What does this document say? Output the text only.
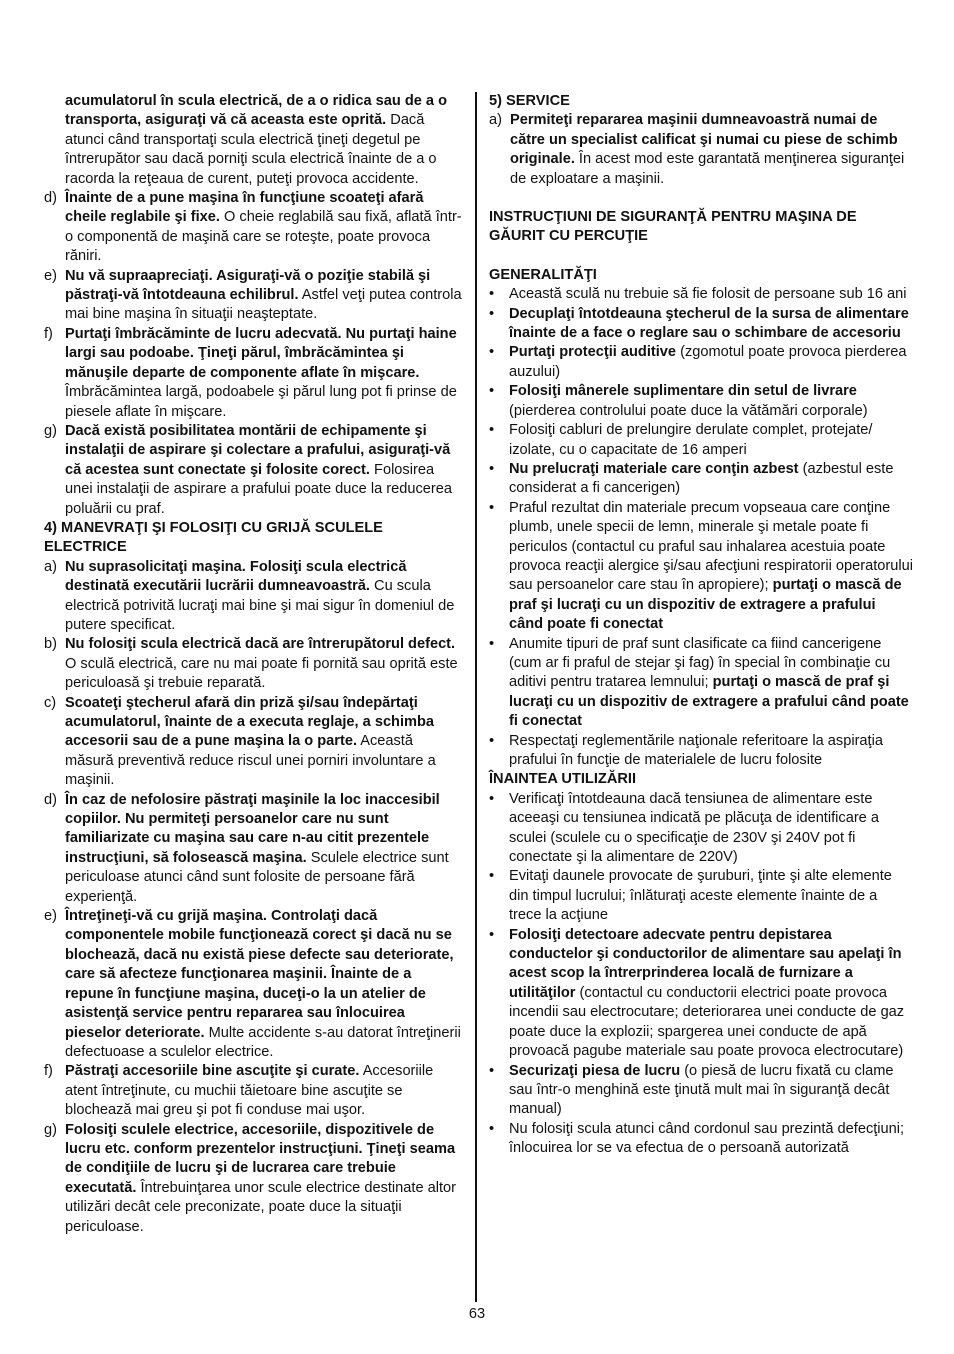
acumulatorul în scula electrică, de a o ridica sau de a o transporta, asiguraţi vă că aceasta este oprită. Dacă atunci când transportaţi scula electrică ţineţi degetul pe întrerupător sau dacă porniţi scula electrică înainte de a o racorda la reţeaua de curent, puteţi provoca accidente.
d) Înainte de a pune maşina în funcţiune scoateţi afară cheile reglabile şi fixe. O cheie reglabilă sau fixă, aflată într-o componentă de maşină care se roteşte, poate provoca răniri.
e) Nu vă supraapreciaţi. Asiguraţi-vă o poziţie stabilă şi păstraţi-vă întotdeauna echilibrul. Astfel veţi putea controla mai bine maşina în situaţii neaşteptate.
f) Purtaţi îmbrăcăminte de lucru adecvată. Nu purtaţi haine largi sau podoabe. Ţineţi părul, îmbrăcămintea şi mănuşile departe de componente aflate în mişcare. Îmbrăcămintea largă, podoabele şi părul lung pot fi prinse de piesele aflate în mişcare.
g) Dacă există posibilitatea montării de echipamente şi instalaţii de aspirare şi colectare a prafului, asiguraţi-vă că acestea sunt conectate şi folosite corect. Folosirea unei instalaţii de aspirare a prafului poate duce la reducerea poluării cu praf.
4) MANEVRAŢI ŞI FOLOSIŢI CU GRIJĂ SCULELE ELECTRICE
a) Nu suprasolicitaţi maşina. Folosiţi scula electrică destinată executării lucrării dumneavoastră. Cu scula electrică potrivită lucraţi mai bine şi mai sigur în domeniul de putere specificat.
b) Nu folosiţi scula electrică dacă are întrerupătorul defect. O sculă electrică, care nu mai poate fi pornită sau oprită este periculoasă şi trebuie reparată.
c) Scoateţi ştecherul afară din priză şi/sau îndepărtaţi acumulatorul, înainte de a executa reglaje, a schimba accesorii sau de a pune maşina la o parte. Această măsură preventivă reduce riscul unei porniri involuntare a maşinii.
d) În caz de nefolosire păstraţi maşinile la loc inaccesibil copiilor. Nu permiteţi persoanelor care nu sunt familiarizate cu maşina sau care n-au citit prezentele instrucţiuni, să folosească maşina. Sculele electrice sunt periculoase atunci când sunt folosite de persoane fără experienţă.
e) Întreţineţi-vă cu grijă maşina. Controlaţi dacă componentele mobile funcţionează corect şi dacă nu se blochează, dacă nu există piese defecte sau deteriorate, care să afecteze funcţionarea maşinii. Înainte de a repune în funcţiune maşina, duceţi-o la un atelier de asistenţă service pentru repararea sau înlocuirea pieselor deteriorate. Multe accidente s-au datorat întreţinerii defectuoase a sculelor electrice.
f) Păstraţi accesoriile bine ascuţite şi curate. Accesoriile atent întreţinute, cu muchii tăietoare bine ascuţite se blochează mai greu şi pot fi conduse mai uşor.
g) Folosiţi sculele electrice, accesoriile, dispozitivele de lucru etc. conform prezentelor instrucţiuni. Ţineţi seama de condiţiile de lucru şi de lucrarea care trebuie executată. Întrebuinţarea unor scule electrice destinate altor utilizări decât cele preconizate, poate duce la situaţii periculoase.
5) SERVICE
a) Permiteţi repararea maşinii dumneavoastră numai de către un specialist calificat şi numai cu piese de schimb originale. În acest mod este garantată menţinerea siguranţei de exploatare a maşinii.
INSTRUCŢIUNI DE SIGURANŢĂ PENTRU MAŞINA DE GĂURIT CU PERCUŢIE
GENERALITĂŢI
•	Această sculă nu trebuie să fie folosit de persoane sub 16 ani
•	Decuplaţi întotdeauna ştecherul de la sursa de alimentare înainte de a face o reglare sau o schimbare de accesoriu
•	Purtaţi protecţii auditive (zgomotul poate provoca pierderea auzului)
•	Folosiţi mânerele suplimentare din setul de livrare (pierderea controlului poate duce la vătămări corporale)
•	Folosiţi cabluri de prelungire derulate complet, protejate/ izolate, cu o capacitate de 16 amperi
•	Nu prelucraţi materiale care conţin azbest (azbestul este considerat a fi cancerigen)
•	Praful rezultat din materiale precum vopseaua care conţine plumb, unele specii de lemn, minerale şi metale poate fi periculos (contactul cu praful sau inhalarea acestuia poate provoca reacţii alergice şi/sau afecţiuni respiratorii operatorului sau persoanelor care stau în apropiere); purtaţi o mască de praf şi lucraţi cu un dispozitiv de extragere a prafului când poate fi conectat
•	Anumite tipuri de praf sunt clasificate ca fiind cancerigene (cum ar fi praful de stejar şi fag) în special în combinaţie cu aditivi pentru tratarea lemnului; purtaţi o mască de praf şi lucraţi cu un dispozitiv de extragere a prafului când poate fi conectat
•	Respectaţi reglementările naţionale referitoare la aspiraţia prafului în funcţie de materialele de lucru folosite
ÎNAINTEA UTILIZĂRII
•	Verificaţi întotdeauna dacă tensiunea de alimentare este aceeaşi cu tensiunea indicată pe plăcuţa de identificare a sculei (sculele cu o specificaţie de 230V şi 240V pot fi conectate şi la alimentare de 220V)
•	Evitaţi daunele provocate de şuruburi, ţinte şi alte elemente din timpul lucrului; înlăturaţi aceste elemente înainte de a trece la acţiune
•	Folosiţi detectoare adecvate pentru depistarea conductelor şi conductorilor de alimentare sau apelaţi în acest scop la întrerprinderea locală de furnizare a utilităţilor (contactul cu conductorii electrici poate provoca incendii sau electrocutare; deteriorarea unei conducte de gaz poate duce la explozii; spargerea unei conducte de apă provoacă pagube materiale sau poate provoca electrocutare)
•	Securizaţi piesa de lucru (o piesă de lucru fixată cu clame sau într-o menghină este ţinută mult mai în siguranţă decât manual)
•	Nu folosiţi scula atunci când cordonul sau prezintă defecţiuni; înlocuirea lor se va efectua de o persoană autorizată
63
